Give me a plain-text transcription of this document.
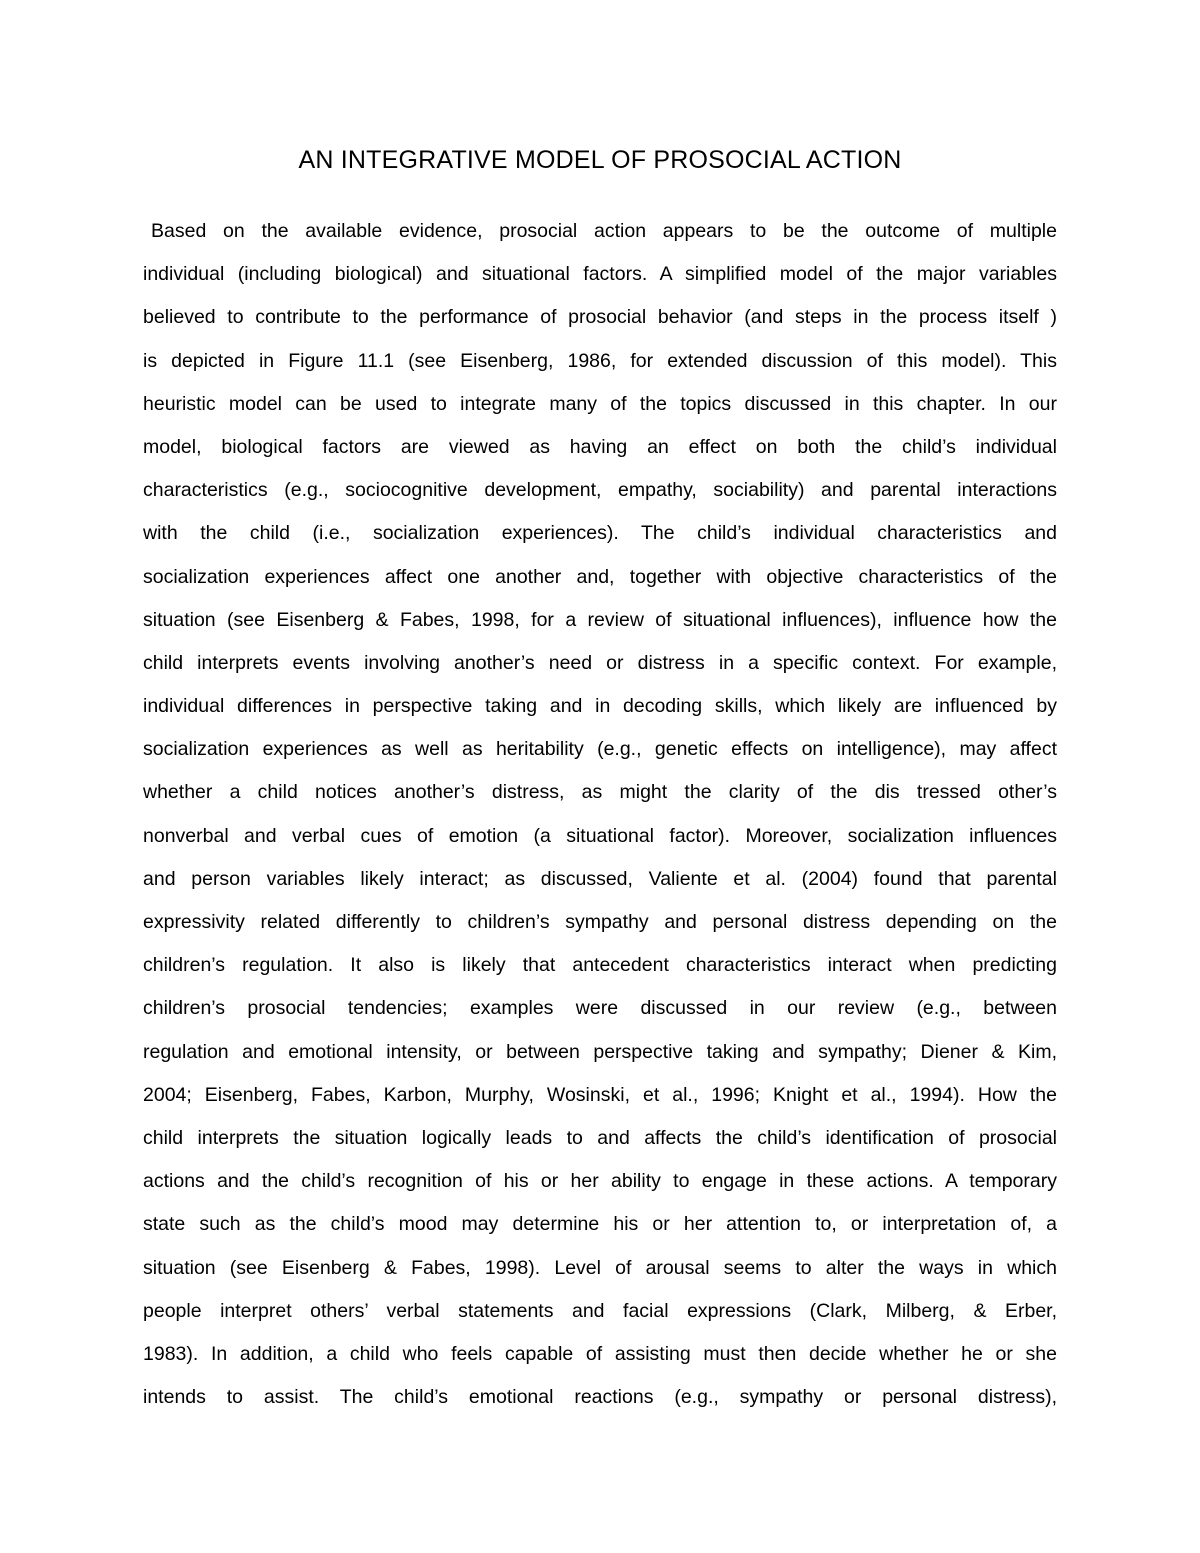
AN INTEGRATIVE MODEL OF PROSOCIAL ACTION
Based on the available evidence, prosocial action appears to be the outcome of multiple
individual (including biological) and situational factors. A simplified model of the major variables
believed to contribute to the performance of prosocial behavior (and steps in the process itself )
is depicted in Figure 11.1 (see Eisenberg, 1986, for extended discussion of this model). This
heuristic model can be used to integrate many of the topics discussed in this chapter. In our
model, biological factors are viewed as having an effect on both the child’s individual
characteristics (e.g., sociocognitive development, empathy, sociability) and parental interactions
with the child (i.e., socialization experiences). The child’s individual characteristics and
socialization experiences affect one another and, together with objective characteristics of the
situation (see Eisenberg & Fabes, 1998, for a review of situational influences), influence how the
child interprets events involving another’s need or distress in a specific context. For example,
individual differences in perspective taking and in decoding skills, which likely are influenced by
socialization experiences as well as heritability (e.g., genetic effects on intelligence), may affect
whether a child notices another’s distress, as might the clarity of the dis tressed other’s
nonverbal and verbal cues of emotion (a situational factor). Moreover, socialization influences
and person variables likely interact; as discussed, Valiente et al. (2004) found that parental
expressivity related differently to children’s sympathy and personal distress depending on the
children’s regulation. It also is likely that antecedent characteristics interact when predicting
children’s prosocial tendencies; examples were discussed in our review (e.g., between
regulation and emotional intensity, or between perspective taking and sympathy; Diener & Kim,
2004; Eisenberg, Fabes, Karbon, Murphy, Wosinski, et al., 1996; Knight et al., 1994). How the
child interprets the situation logically leads to and affects the child’s identification of prosocial
actions and the child’s recognition of his or her ability to engage in these actions. A temporary
state such as the child’s mood may determine his or her attention to, or interpretation of, a
situation (see Eisenberg & Fabes, 1998). Level of arousal seems to alter the ways in which
people interpret others’ verbal statements and facial expressions (Clark, Milberg, & Erber,
1983). In addition, a child who feels capable of assisting must then decide whether he or she
intends to assist. The child’s emotional reactions (e.g., sympathy or personal distress),
